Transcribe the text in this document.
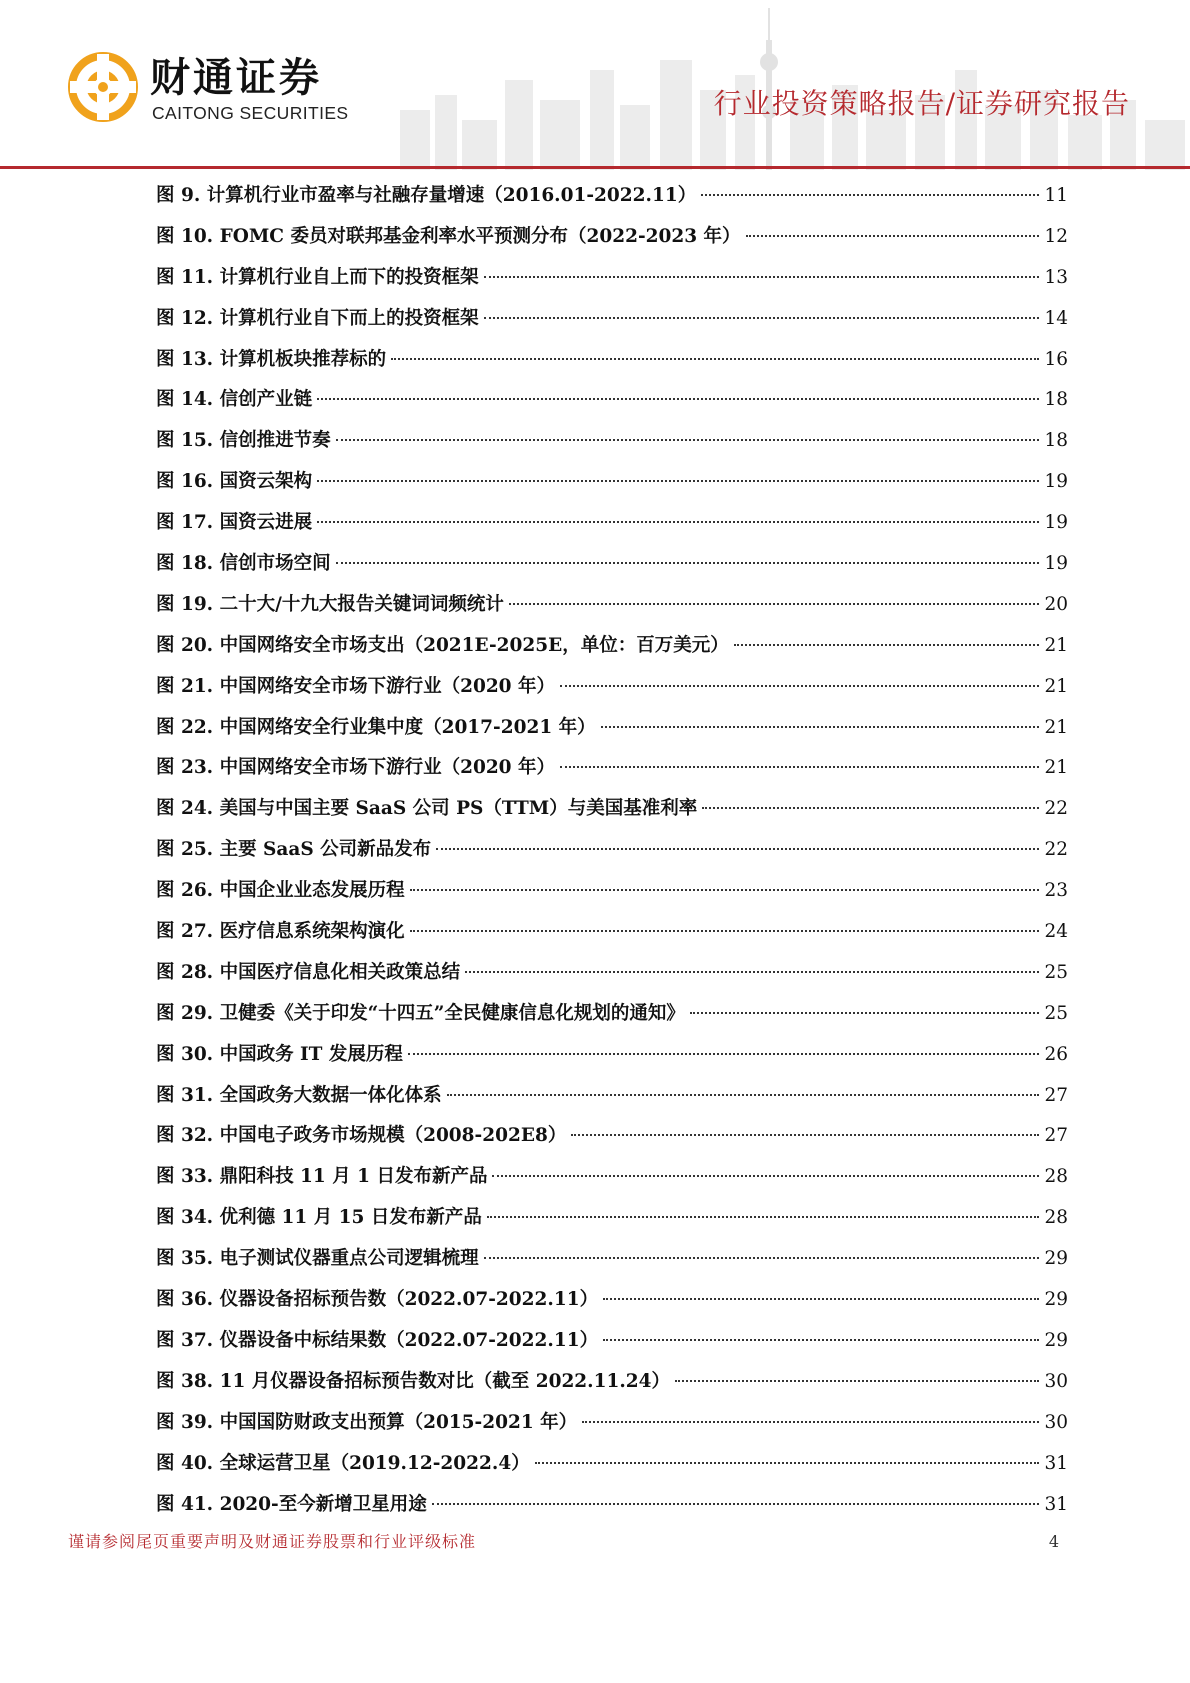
财通证券
CAITONG SECURITIES	行业投资策略报告/证券研究报告
图 9. 计算机行业市盈率与社融存量增速（2016.01-2022.11）	11
图 10. FOMC 委员对联邦基金利率水平预测分布（2022-2023 年）	12
图 11. 计算机行业自上而下的投资框架	13
图 12. 计算机行业自下而上的投资框架	14
图 13. 计算机板块推荐标的	16
图 14. 信创产业链	18
图 15. 信创推进节奏	18
图 16. 国资云架构	19
图 17. 国资云进展	19
图 18. 信创市场空间	19
图 19. 二十大/十九大报告关键词词频统计	20
图 20. 中国网络安全市场支出（2021E-2025E，单位：百万美元）	21
图 21. 中国网络安全市场下游行业（2020 年）	21
图 22. 中国网络安全行业集中度（2017-2021 年）	21
图 23. 中国网络安全市场下游行业（2020 年）	21
图 24. 美国与中国主要 SaaS 公司 PS（TTM）与美国基准利率	22
图 25. 主要 SaaS 公司新品发布	22
图 26. 中国企业业态发展历程	23
图 27. 医疗信息系统架构演化	24
图 28. 中国医疗信息化相关政策总结	25
图 29. 卫健委《关于印发“十四五”全民健康信息化规划的通知》	25
图 30. 中国政务 IT 发展历程	26
图 31. 全国政务大数据一体化体系	27
图 32. 中国电子政务市场规模（2008-202E8）	27
图 33. 鼎阳科技 11 月 1 日发布新产品	28
图 34. 优利德 11 月 15 日发布新产品	28
图 35. 电子测试仪器重点公司逻辑梳理	29
图 36. 仪器设备招标预告数（2022.07-2022.11）	29
图 37. 仪器设备中标结果数（2022.07-2022.11）	29
图 38. 11 月仪器设备招标预告数对比（截至 2022.11.24）	30
图 39. 中国国防财政支出预算（2015-2021 年）	30
图 40. 全球运营卫星（2019.12-2022.4）	31
图 41. 2020-至今新增卫星用途	31
谨请参阅尾页重要声明及财通证券股票和行业评级标准	4
